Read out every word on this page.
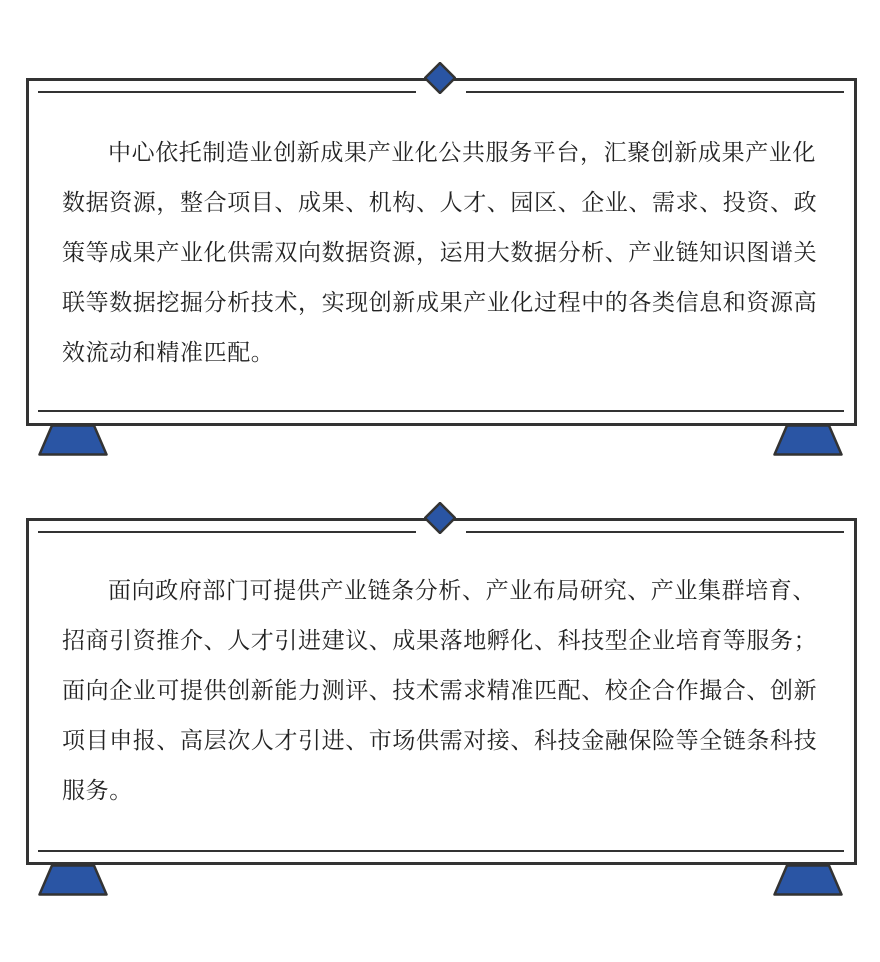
中心依托制造业创新成果产业化公共服务平台，汇聚创新成果产业化数据资源，整合项目、成果、机构、人才、园区、企业、需求、投资、政策等成果产业化供需双向数据资源，运用大数据分析、产业链知识图谱关联等数据挖掘分析技术，实现创新成果产业化过程中的各类信息和资源高效流动和精准匹配。

面向政府部门可提供产业链条分析、产业布局研究、产业集群培育、招商引资推介、人才引进建议、成果落地孵化、科技型企业培育等服务；面向企业可提供创新能力测评、技术需求精准匹配、校企合作撮合、创新项目申报、高层次人才引进、市场供需对接、科技金融保险等全链条科技服务。
